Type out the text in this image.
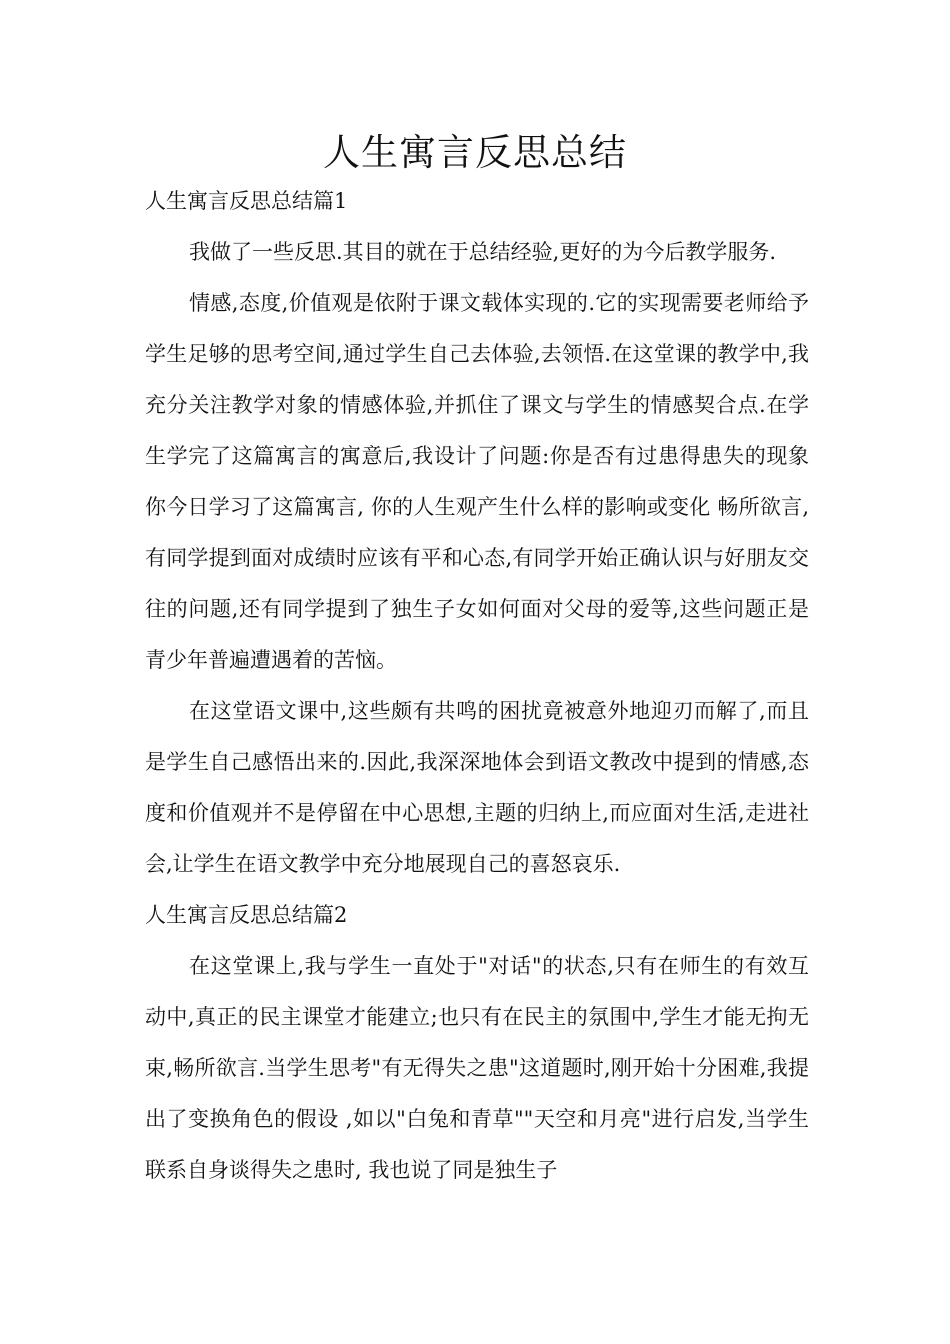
人生寓言反思总结

人生寓言反思总结篇1

我做了一些反思.其目的就在于总结经验,更好的为今后教学服务.

情感,态度,价值观是依附于课文载体实现的.它的实现需要老师给予学生足够的思考空间,通过学生自己去体验,去领悟.在这堂课的教学中,我充分关注教学对象的情感体验,并抓住了课文与学生的情感契合点.在学生学完了这篇寓言的寓意后,我设计了问题:你是否有过患得患失的现象 你今日学习了这篇寓言, 你的人生观产生什么样的影响或变化 畅所欲言,有同学提到面对成绩时应该有平和心态,有同学开始正确认识与好朋友交往的问题,还有同学提到了独生子女如何面对父母的爱等,这些问题正是青少年普遍遭遇着的苦恼。

在这堂语文课中,这些颇有共鸣的困扰竟被意外地迎刃而解了,而且是学生自己感悟出来的.因此,我深深地体会到语文教改中提到的情感,态度和价值观并不是停留在中心思想,主题的归纳上,而应面对生活,走进社会,让学生在语文教学中充分地展现自己的喜怒哀乐.

人生寓言反思总结篇2

在这堂课上,我与学生一直处于"对话"的状态,只有在师生的有效互动中,真正的民主课堂才能建立;也只有在民主的氛围中,学生才能无拘无束,畅所欲言.当学生思考"有无得失之患"这道题时,刚开始十分困难,我提出了变换角色的假设 ,如以"白兔和青草""天空和月亮"进行启发,当学生联系自身谈得失之患时, 我也说了同是独生子
